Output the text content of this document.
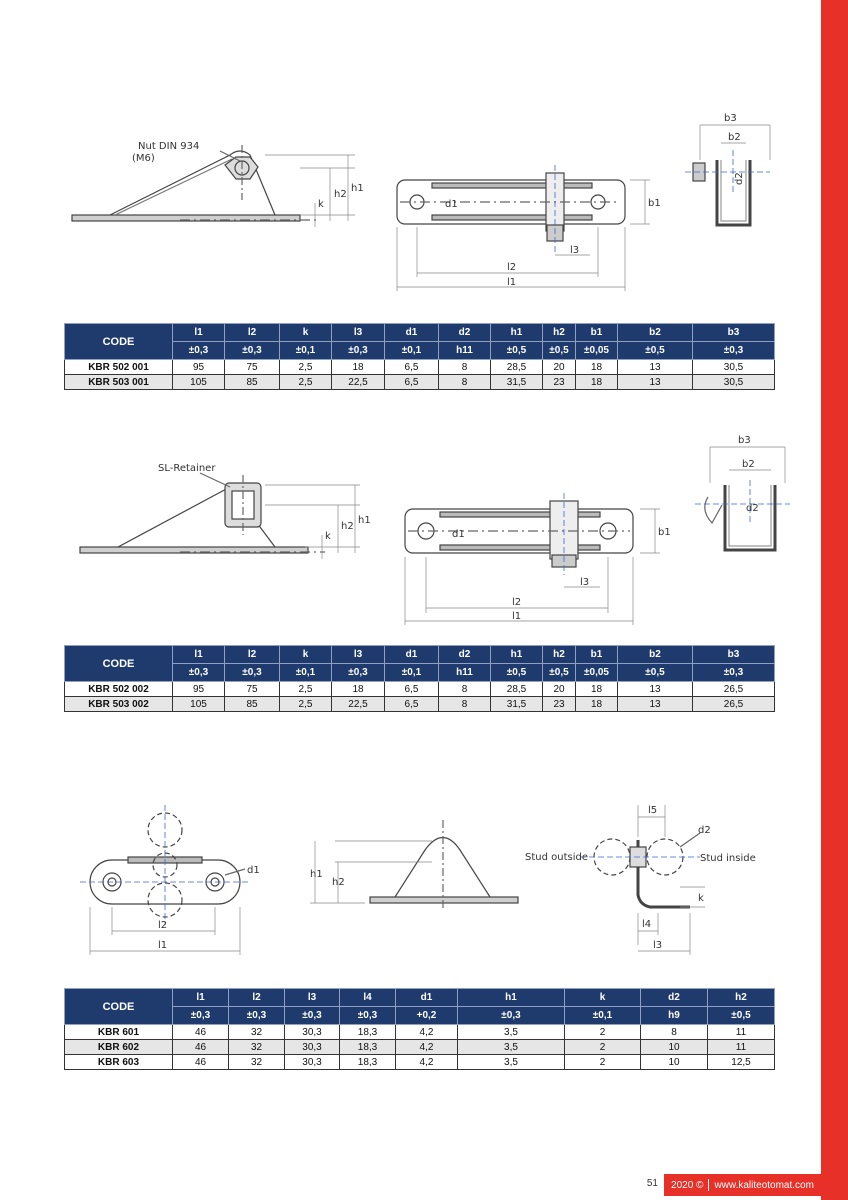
Nut DIN 934
(M6)
k
h2
h1
d1	b1
l3
l2
l1
b3
b2
d2
CODE	l1	l2	k	l3	d1	d2	h1	h2	b1	b2	b3
	±0,3	±0,3	±0,1	±0,3	±0,1	h11	±0,5	±0,5	±0,05	±0,5	±0,3
KBR 502 001	95	75	2,5	18	6,5	8	28,5	20	18	13	30,5
KBR 503 001	105	85	2,5	22,5	6,5	8	31,5	23	18	13	30,5
SL-Retainer
k
h2
h1
d1	b1
l3
l2
l1
b3
b2
d2
CODE	l1	l2	k	l3	d1	d2	h1	h2	b1	b2	b3
	±0,3	±0,3	±0,1	±0,3	±0,1	h11	±0,5	±0,5	±0,05	±0,5	±0,3
KBR 502 002	95	75	2,5	18	6,5	8	28,5	20	18	13	26,5
KBR 503 002	105	85	2,5	22,5	6,5	8	31,5	23	18	13	26,5
d1
l2
l1
h1
h2
l5
d2
Stud outside	Stud inside
k
l4
l3
CODE	l1	l2	l3	l4	d1	h1	k	d2	h2
	±0,3	±0,3	±0,3	±0,3	+0,2	±0,3	±0,1	h9	±0,5
KBR 601	46	32	30,3	18,3	4,2	3,5	2	8	11
KBR 602	46	32	30,3	18,3	4,2	3,5	2	10	11
KBR 603	46	32	30,3	18,3	4,2	3,5	2	10	12,5
51 2020 © www.kaliteotomat.com
